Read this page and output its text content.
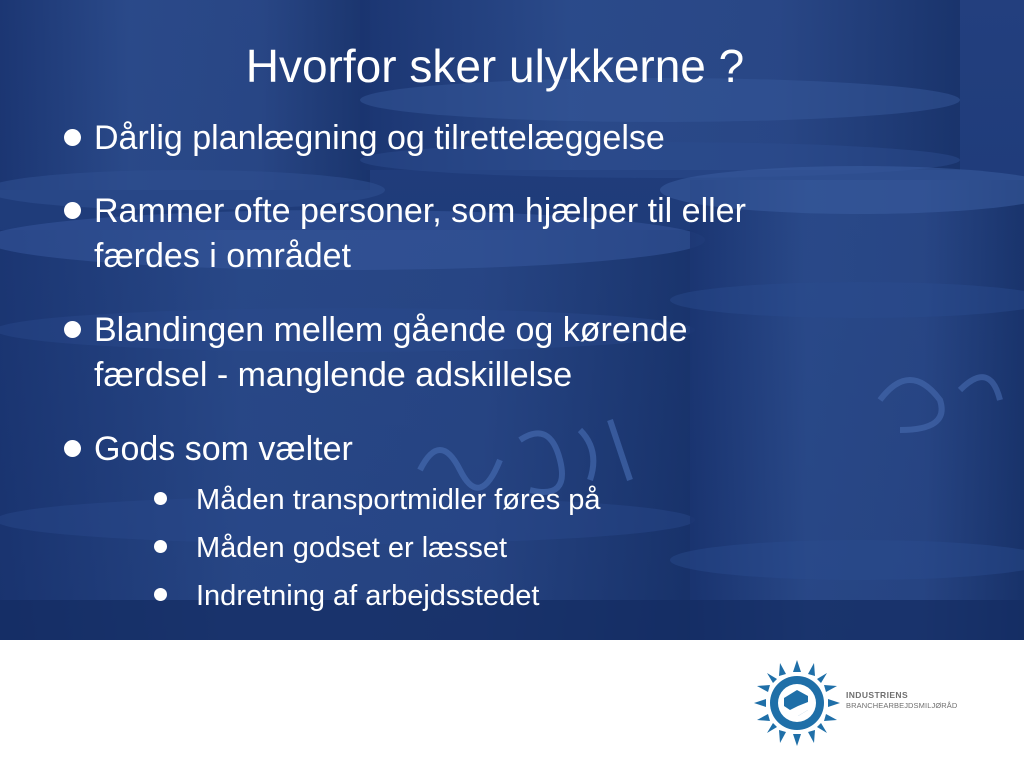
Hvorfor sker ulykkerne ?
Dårlig planlægning og tilrettelæggelse
Rammer ofte personer, som hjælper til eller
færdes i området
Blandingen mellem gående og kørende
færdsel - manglende adskillelse
Gods som vælter
Måden transportmidler føres på
Måden godset er læsset
Indretning af arbejdsstedet
INDUSTRIENS
BRANCHEARBEJDSMILJØRÅD
